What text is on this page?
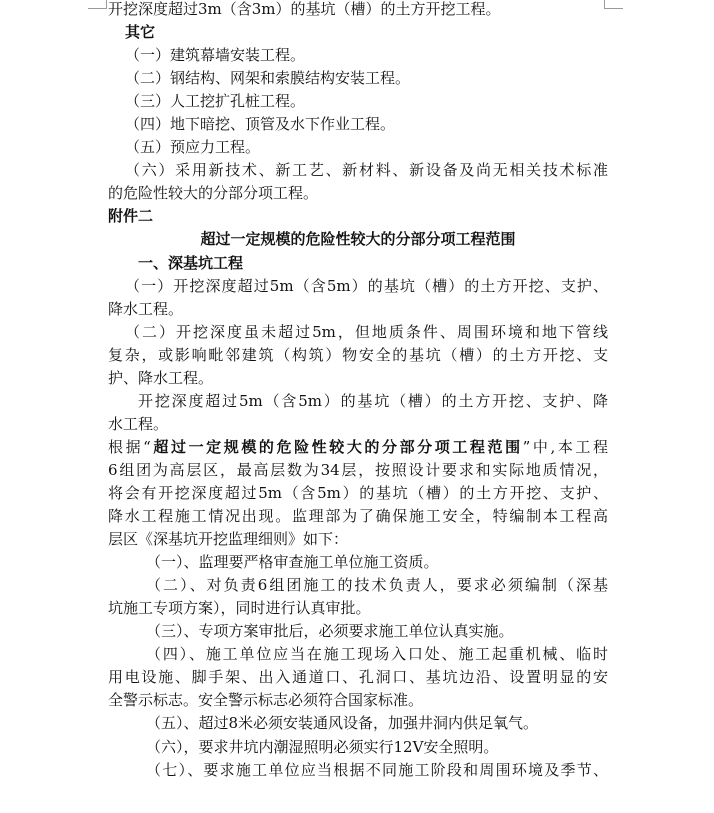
开挖深度超过3m（含3m）的基坑（槽）的土方开挖工程。
其它
（一）建筑幕墙安装工程。
（二）钢结构、网架和索膜结构安装工程。
（三）人工挖扩孔桩工程。
（四）地下暗挖、顶管及水下作业工程。
（五）预应力工程。
（六）采用新技术、新工艺、新材料、新设备及尚无相关技术标准
的危险性较大的分部分项工程。
附件二
超过一定规模的危险性较大的分部分项工程范围
一、深基坑工程
（一）开挖深度超过5m（含5m）的基坑（槽）的土方开挖、支护、
降水工程。
（二）开挖深度虽未超过5m，但地质条件、周围环境和地下管线
复杂，或影响毗邻建筑（构筑）物安全的基坑（槽）的土方开挖、支
护、降水工程。
开挖深度超过5m（含5m）的基坑（槽）的土方开挖、支护、降
水工程。
根据“超过一定规模的危险性较大的分部分项工程范围”中,本工程
6组团为高层区，最高层数为34层，按照设计要求和实际地质情况，
将会有开挖深度超过5m（含5m）的基坑（槽）的土方开挖、支护、
降水工程施工情况出现。监理部为了确保施工安全，特编制本工程高
层区《深基坑开挖监理细则》如下：
（一）、监理要严格审查施工单位施工资质。
（二）、对负责6组团施工的技术负责人，要求必须编制（深基
坑施工专项方案），同时进行认真审批。
（三）、专项方案审批后，必须要求施工单位认真实施。
（四）、施工单位应当在施工现场入口处、施工起重机械、临时
用电设施、脚手架、出入通道口、孔洞口、基坑边沿、设置明显的安
全警示标志。安全警示标志必须符合国家标准。
（五）、超过8米必须安装通风设备，加强井洞内供足氧气。
（六），要求井坑内潮湿照明必须实行12V安全照明。
（七）、要求施工单位应当根据不同施工阶段和周围环境及季节、
